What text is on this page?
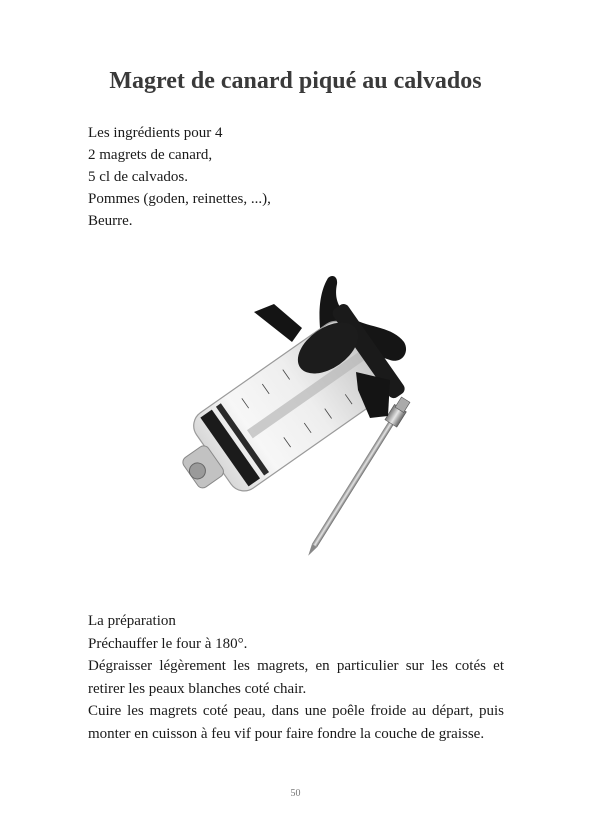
Magret de canard piqué au calvados
Les ingrédients pour 4
2 magrets de canard,
5 cl de calvados.
Pommes (goden, reinettes, ...),
Beurre.

La préparation

Préchauffer le four à 180°.

Dégraisser légèrement les magrets, en particulier sur les cotés et retirer les peaux blanches coté chair.

Cuire les magrets coté peau, dans une poêle froide au départ, puis monter en cuisson à feu vif pour faire fondre la couche de graisse.

50
